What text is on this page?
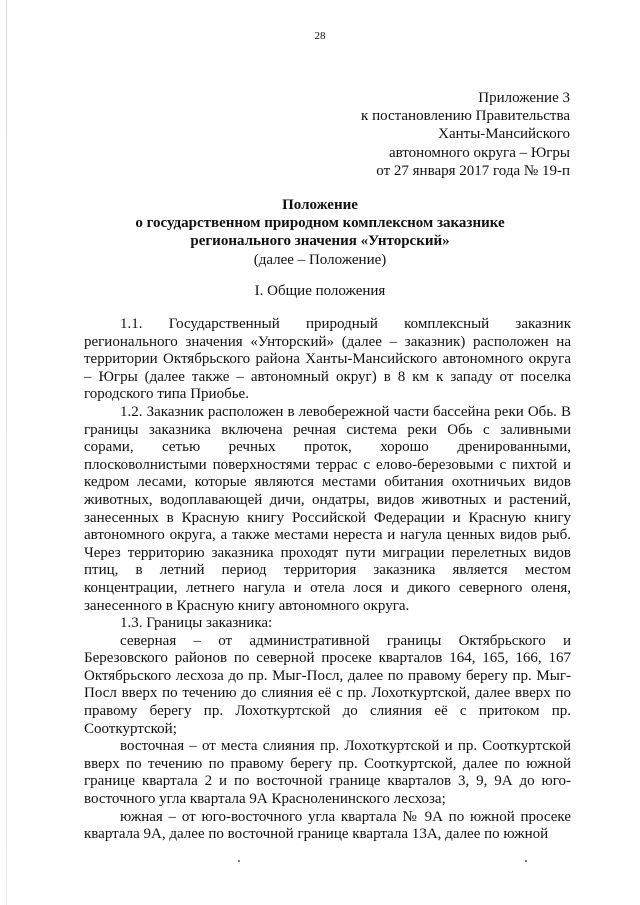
28
Приложение 3
к постановлению Правительства
Ханты-Мансийского
автономного округа – Югры
от 27 января 2017 года № 19-п
Положение
о государственном природном комплексном заказнике
регионального значения «Унторский»
(далее – Положение)
I. Общие положения

1.1. Государственный природный комплексный заказник регионального значения «Унторский» (далее – заказник) расположен на территории Октябрьского района Ханты-Мансийского автономного округа – Югры (далее также – автономный округ) в 8 км к западу от поселка городского типа Приобье.

1.2. Заказник расположен в левобережной части бассейна реки Обь. В границы заказника включена речная система реки Обь с заливными сорами, сетью речных проток, хорошо дренированными, плосковолнистыми поверхностями террас с елово-березовыми с пихтой и кедром лесами, которые являются местами обитания охотничьих видов животных, водоплавающей дичи, ондатры, видов животных и растений, занесенных в Красную книгу Российской Федерации и Красную книгу автономного округа, а также местами нереста и нагула ценных видов рыб. Через территорию заказника проходят пути миграции перелетных видов птиц, в летний период территория заказника является местом концентрации, летнего нагула и отела лося и дикого северного оленя, занесенного в Красную книгу автономного округа.

1.3. Границы заказника:

северная – от административной границы Октябрьского и Березовского районов по северной просеке кварталов 164, 165, 166, 167 Октябрьского лесхоза до пр. Мыг-Посл, далее по правому берегу пр. Мыг-Посл вверх по течению до слияния её с пр. Лохоткуртской, далее вверх по правому берегу пр. Лохоткуртской до слияния её с притоком пр. Сооткуртской;

восточная – от места слияния пр. Лохоткуртской и пр. Сооткуртской вверх по течению по правому берегу пр. Сооткуртской, далее по южной границе квартала 2 и по восточной границе кварталов 3, 9, 9А до юго-восточного угла квартала 9А Красноленинского лесхоза;

южная – от юго-восточного угла квартала № 9А по южной просеке квартала 9А, далее по восточной границе квартала 13А, далее по южной
